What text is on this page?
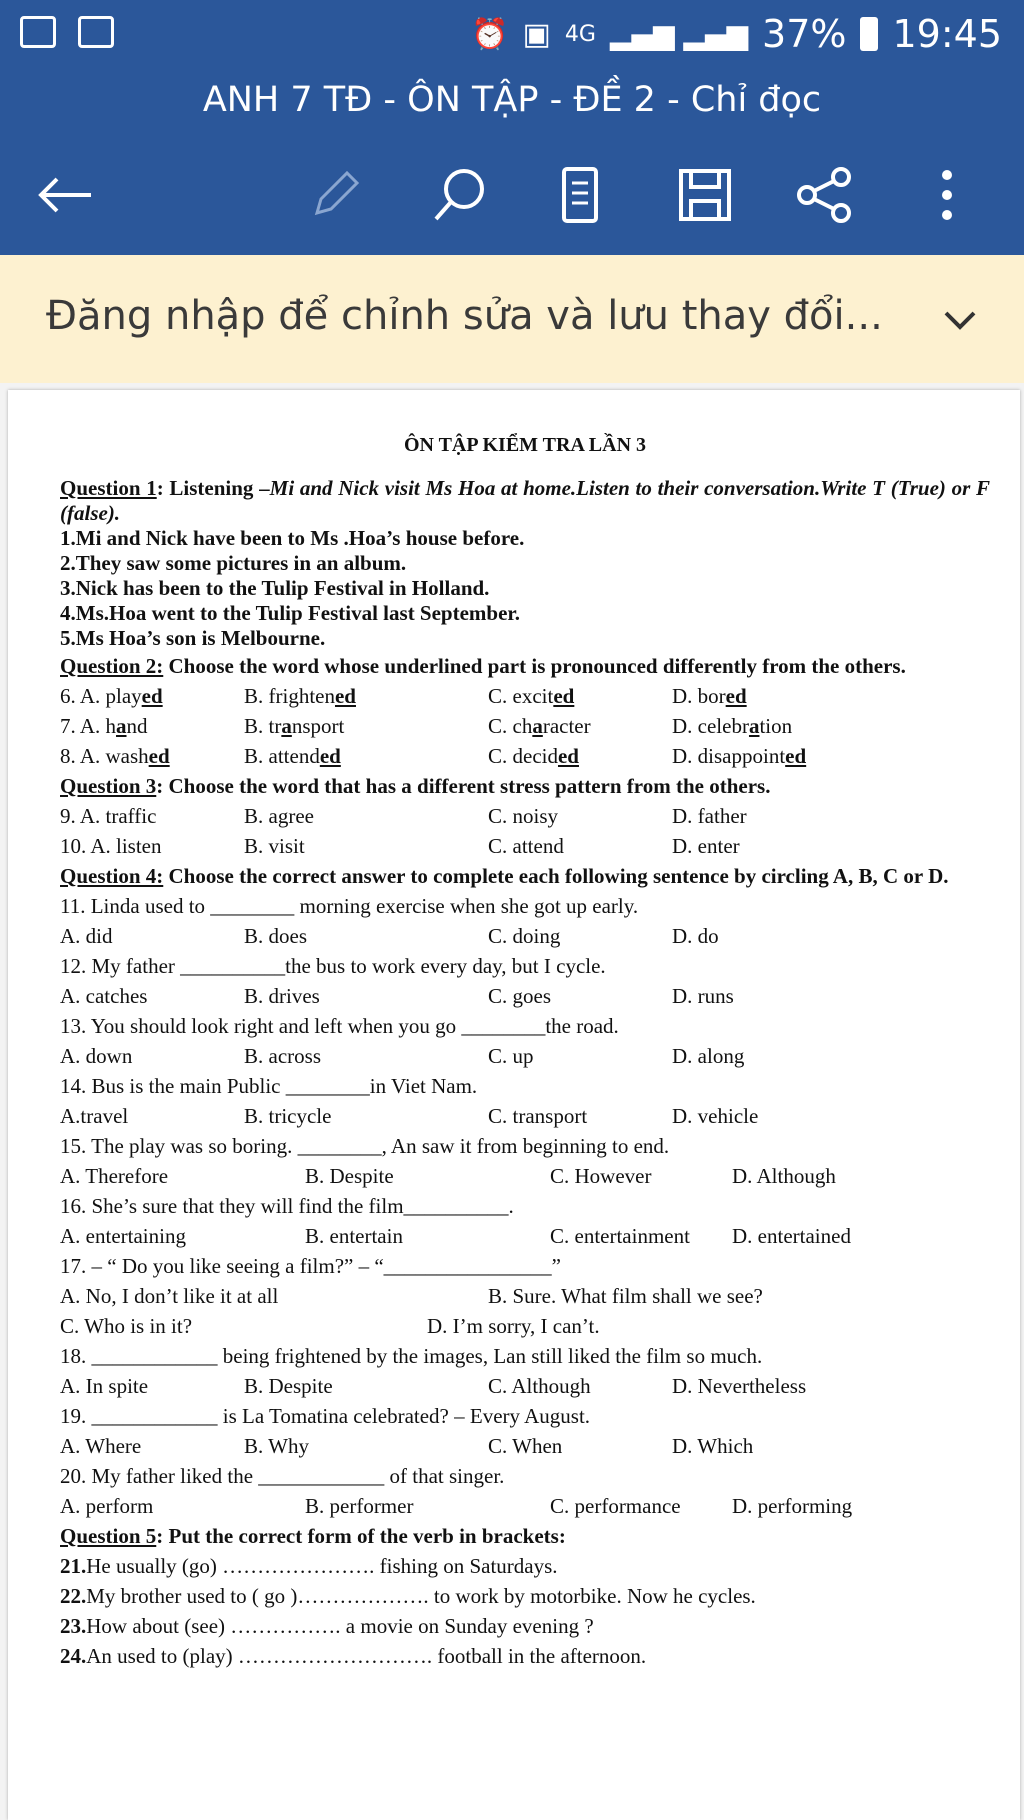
⏰ ▣ 4G ▂▄▆ ▂▄▆ 37% 19:45
ANH 7 TĐ - ÔN TẬP - ĐỀ 2 - Chỉ đọc
Đăng nhập để chỉnh sửa và lưu thay đổi...
ÔN TẬP KIỂM TRA LẦN 3
Question 1: Listening –Mi and Nick visit Ms Hoa at home.Listen to their conversation.Write T (True) or F (false).
1.Mi and Nick have been to Ms .Hoa’s house before.
2.They saw some pictures in an album.
3.Nick has been to the Tulip Festival in Holland.
4.Ms.Hoa went to the Tulip Festival last September.
5.Ms Hoa’s son is Melbourne.
Question 2: Choose the word whose underlined part is pronounced differently from the others.
6. A. played	B. frightened	C. excited	D. bored
7. A. hand	B. transport	C. character	D. celebration
8. A. washed	B. attended	C. decided	D. disappointed
Question 3: Choose the word that has a different stress pattern from the others.
9. A. traffic	B. agree	C. noisy	D. father
10. A. listen	B. visit	C. attend	D. enter
Question 4: Choose the correct answer to complete each following sentence by circling A, B, C or D.
11. Linda used to ________ morning exercise when she got up early.
A. did	B. does	C. doing	D. do
12. My father __________the bus to work every day, but I cycle.
A. catches	B. drives	C. goes	D. runs
13. You should look right and left when you go ________the road.
A. down	B. across	C. up	D. along
14. Bus is the main Public ________in Viet Nam.
A.travel	B. tricycle	C. transport	D. vehicle
15. The play was so boring. ________, An saw it from beginning to end.
A. Therefore	B. Despite	C. However	D. Although
16. She’s sure that they will find the film__________.
A. entertaining	B. entertain	C. entertainment D. entertained
17. – “ Do you like seeing a film?” – “________________”
A. No, I don’t like it at all	B. Sure. What film shall we see?
C. Who is in it?	D. I’m sorry, I can’t.
18. ____________ being frightened by the images, Lan still liked the film so much.
A. In spite	B. Despite	C. Although	D. Nevertheless
19. ____________ is La Tomatina celebrated? – Every August.
A. Where	B. Why	C. When	D. Which
20. My father liked the ____________ of that singer.
A. perform	B. performer	C. performance D. performing
Question 5: Put the correct form of the verb in brackets:
21.He usually (go) …………………. fishing on Saturdays.
22.My brother used to ( go )………………. to work by motorbike. Now he cycles.
23.How about (see) ……………. a movie on Sunday evening ?
24.An used to (play) ………………………. football in the afternoon.
